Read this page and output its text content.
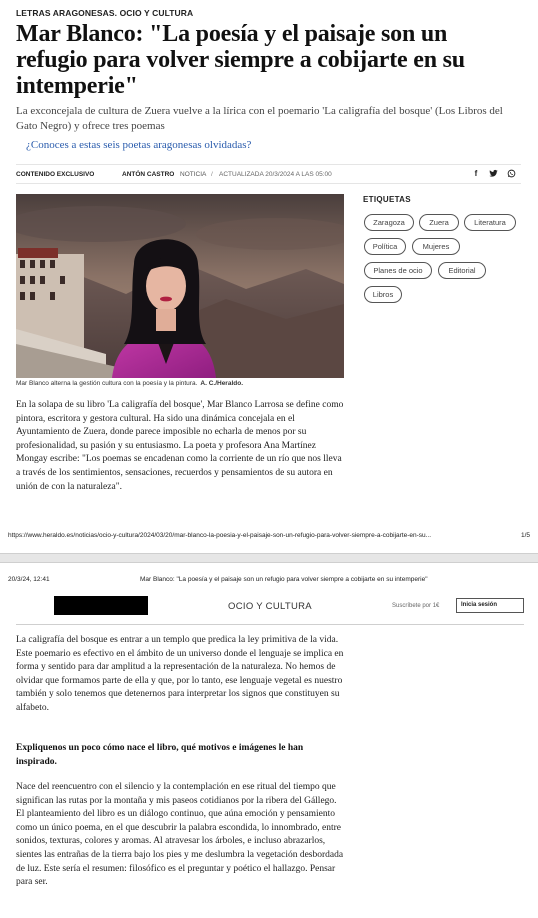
LETRAS ARAGONESAS. OCIO Y CULTURA
Mar Blanco: "La poesía y el paisaje son un refugio para volver siempre a cobijarte en su intemperie"

La exconcejala de cultura de Zuera vuelve a la lírica con el poemario 'La caligrafía del bosque' (Los Libros del Gato Negro) y ofrece tres poemas

¿Conoces a estas seis poetas aragonesas olvidadas?
CONTENIDO EXCLUSIVO	ANTÓN CASTRO NOTICIA / ACTUALIZADA 20/3/2024 A LAS 05:00	f
Mar Blanco alterna la gestión cultura con la poesía y la pintura. A. C./Heraldo.
ETIQUETAS
Zaragoza	Zuera	Literatura
Política	Mujeres
Planes de ocio	Editorial
Libros

En la solapa de su libro 'La caligrafía del bosque', Mar Blanco Larrosa se define como pintora, escritora y gestora cultural. Ha sido una dinámica concejala en el Ayuntamiento de Zuera, donde parece imposible no echarla de menos por su profesionalidad, su pasión y su entusiasmo. La poeta y profesora Ana Martínez Mongay escribe: "Los poemas se encadenan como la corriente de un río que nos lleva a través de los sentimientos, sensaciones, recuerdos y pensamientos de su autora en unión de con la naturaleza".

https://www.heraldo.es/noticias/ocio-y-cultura/2024/03/20/mar-blanco-la-poesia-y-el-paisaje-son-un-refugio-para-volver-siempre-a-cobijarte-en-su...	1/5
20/3/24, 12:41	Mar Blanco: "La poesía y el paisaje son un refugio para volver siempre a cobijarte en su intemperie"
OCIO Y CULTURA	Suscríbete por 1€	Inicia sesión

La caligrafía del bosque es entrar a un templo que predica la ley primitiva de la vida. Este poemario es efectivo en el ámbito de un universo donde el lenguaje se implica en forma y sentido para dar amplitud a la representación de la naturaleza. No hemos de olvidar que formamos parte de ella y que, por lo tanto, ese lenguaje vegetal es nuestro también y solo tenemos que detenernos para interpretar los signos que constituyen su alfabeto.

Expliquenos un poco cómo nace el libro, qué motivos e imágenes le han inspirado.

Nace del reencuentro con el silencio y la contemplación en ese ritual del tiempo que significan las rutas por la montaña y mis paseos cotidianos por la ribera del Gállego. El planteamiento del libro es un diálogo continuo, que aúna emoción y pensamiento como un único poema, en el que descubrir la palabra escondida, lo innombrado, entre sonidos, texturas, colores y aromas. Al atravesar los árboles, e incluso abrazarlos, sientes las entrañas de la tierra bajo los pies y me deslumbra la vegetación desbordada de luz. Este sería el resumen: filosófico es el preguntar y poético el hallazgo. Pensar para ser.
